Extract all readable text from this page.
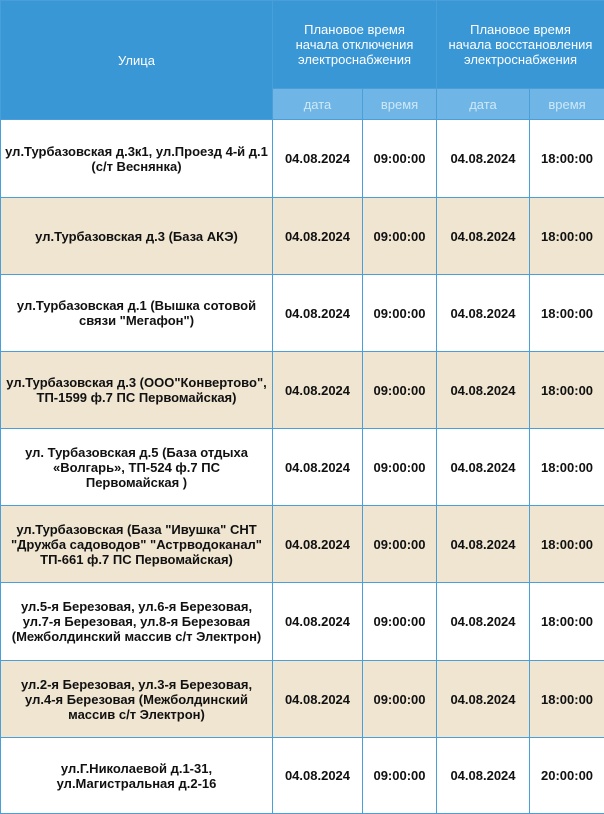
Улица	Плановое время начала отключения электроснабжения		Плановое время начала восстановления электроснабжения	
	дата	время	дата	время
ул.Турбазовская д.3к1, ул.Проезд 4-й д.1 (с/т Веснянка)	04.08.2024	09:00:00	04.08.2024	18:00:00
ул.Турбазовская д.3 (База АКЭ)	04.08.2024	09:00:00	04.08.2024	18:00:00
ул.Турбазовская д.1 (Вышка сотовой связи "Мегафон")	04.08.2024	09:00:00	04.08.2024	18:00:00
ул.Турбазовская д.3 (ООО"Конвертово", ТП-1599 ф.7 ПС Первомайская)	04.08.2024	09:00:00	04.08.2024	18:00:00
ул. Турбазовская д.5 (База отдыха «Волгарь», ТП-524 ф.7 ПС Первомайская )	04.08.2024	09:00:00	04.08.2024	18:00:00
ул.Турбазовская (База "Ивушка" СНТ "Дружба садоводов" "Астрводоканал" ТП-661 ф.7 ПС Первомайская)	04.08.2024	09:00:00	04.08.2024	18:00:00
ул.5-я Березовая, ул.6-я Березовая, ул.7-я Березовая, ул.8-я Березовая (Межболдинский массив с/т Электрон)	04.08.2024	09:00:00	04.08.2024	18:00:00
ул.2-я Березовая, ул.3-я Березовая, ул.4-я Березовая (Межболдинский массив с/т Электрон)	04.08.2024	09:00:00	04.08.2024	18:00:00
ул.Г.Николаевой д.1-31, ул.Магистральная д.2-16	04.08.2024	09:00:00	04.08.2024	20:00:00
